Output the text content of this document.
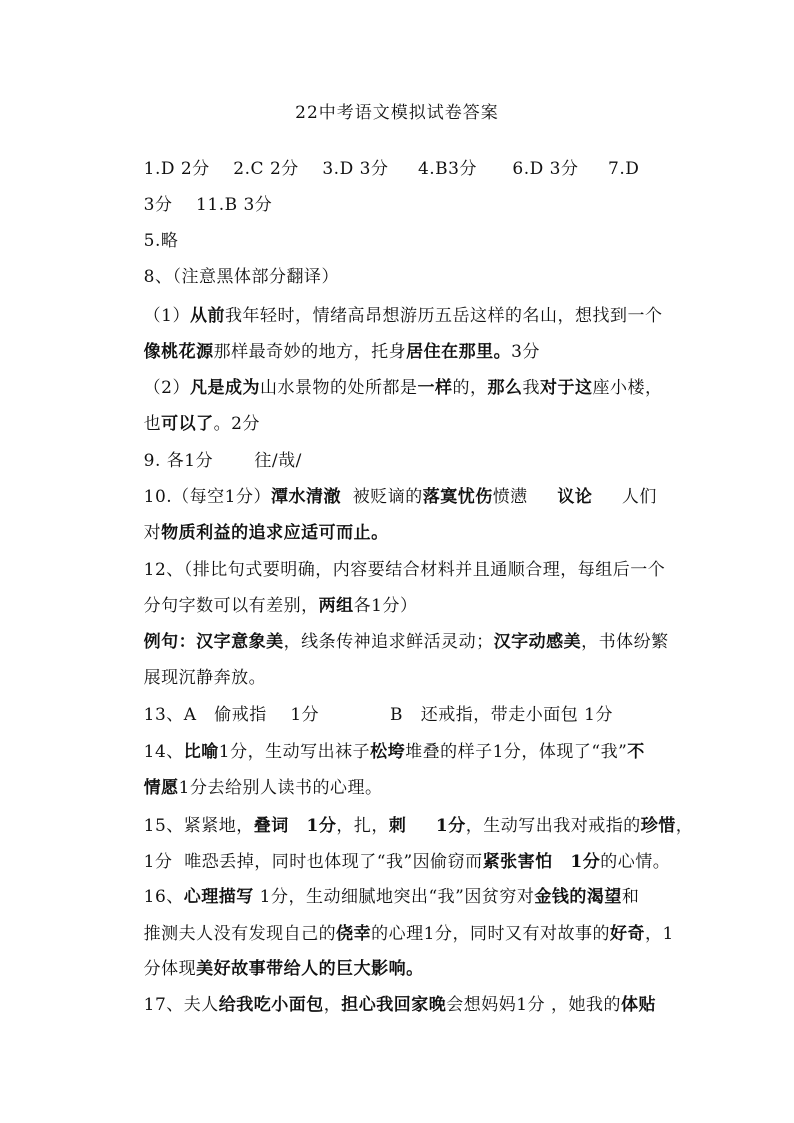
22中考语文模拟试卷答案

1.D 2分    2.C 2分    3.D 3分     4.B3分      6.D 3分     7.D

3分    11.B 3分

5.略

8、（注意黑体部分翻译）

（1）从前我年轻时，情绪高昂想游历五岳这样的名山，想找到一个

像桃花源那样最奇妙的地方，托身居住在那里。3分

（2）凡是成为山水景物的处所都是一样的，那么我对于这座小楼，

也可以了。2分

9. 各1分       往/哉/

10.（每空1分）潭水清澈  被贬谪的落寞忧伤愤懑     议论     人们

对物质利益的追求应适可而止。

12、（排比句式要明确，内容要结合材料并且通顺合理，每组后一个

分句字数可以有差别，两组各1分）

例句：汉字意象美，线条传神追求鲜活灵动；汉字动感美，书体纷繁

展现沉静奔放。

13、A   偷戒指    1分            B   还戒指，带走小面包 1分

14、比喻1分，生动写出袜子松垮堆叠的样子1分，体现了“我”不

情愿1分去给别人读书的心理。

15、紧紧地，叠词 1分，扎，刺 1分，生动写出我对戒指的珍惜，

1分  唯恐丢掉，同时也体现了“我”因偷窃而紧张害怕 1分的心情。

16、心理描写 1分，生动细腻地突出“我”因贫穷对金钱的渴望和

推测夫人没有发现自己的侥幸的心理1分，同时又有对故事的好奇，1

分体现美好故事带给人的巨大影响。

17、夫人给我吃小面包，担心我回家晚会想妈妈1分 ，她我的体贴
